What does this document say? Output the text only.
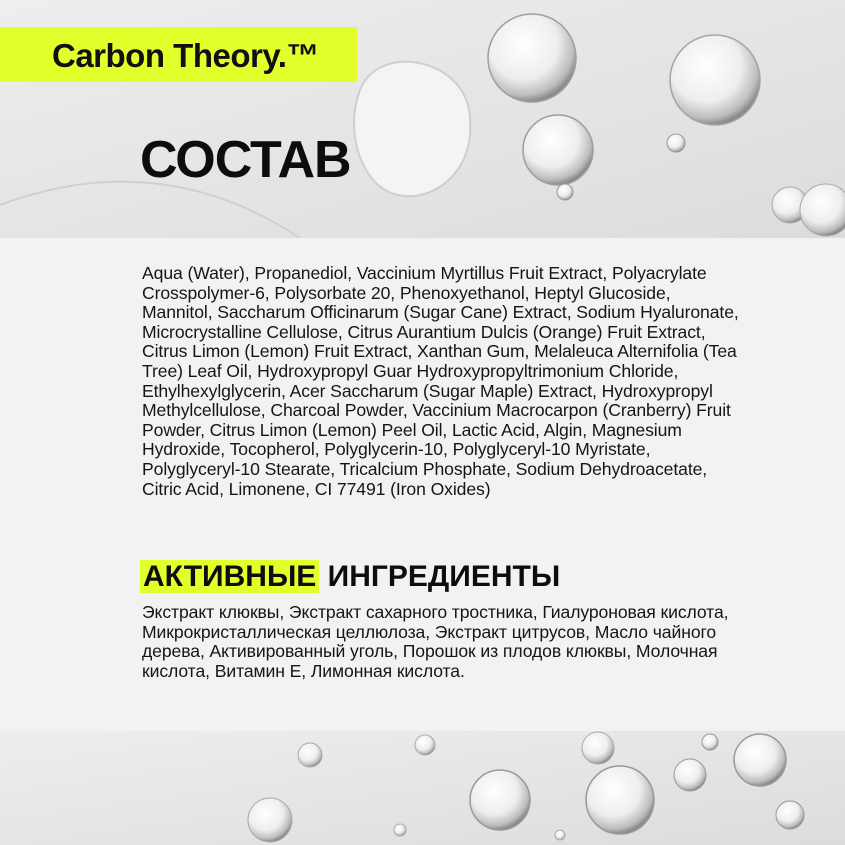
Carbon Theory.™
СОСТАВ

Aqua (Water), Propanediol, Vaccinium Myrtillus Fruit Extract, Polyacrylate Crosspolymer-6, Polysorbate 20, Phenoxyethanol, Heptyl Glucoside, Mannitol, Saccharum Officinarum (Sugar Cane) Extract, Sodium Hyaluronate, Microcrystalline Cellulose, Citrus Aurantium Dulcis (Orange) Fruit Extract, Citrus Limon (Lemon) Fruit Extract, Xanthan Gum, Melaleuca Alternifolia (Tea Tree) Leaf Oil, Hydroxypropyl Guar Hydroxypropyltrimonium Chloride, Ethylhexylglycerin, Acer Saccharum (Sugar Maple) Extract, Hydroxypropyl Methylcellulose, Charcoal Powder, Vaccinium Macrocarpon (Cranberry) Fruit Powder, Citrus Limon (Lemon) Peel Oil, Lactic Acid, Algin, Magnesium Hydroxide, Tocopherol, Polyglycerin-10, Polyglyceryl-10 Myristate, Polyglyceryl-10 Stearate, Tricalcium Phosphate, Sodium Dehydroacetate, Citric Acid, Limonene, CI 77491 (Iron Oxides)

АКТИВНЫЕ ИНГРЕДИЕНТЫ

Экстракт клюквы, Экстракт сахарного тростника, Гиалуроновая кислота, Микрокристаллическая целлюлоза, Экстракт цитрусов, Масло чайного дерева, Активированный уголь, Порошок из плодов клюквы, Молочная кислота, Витамин Е, Лимонная кислота.
